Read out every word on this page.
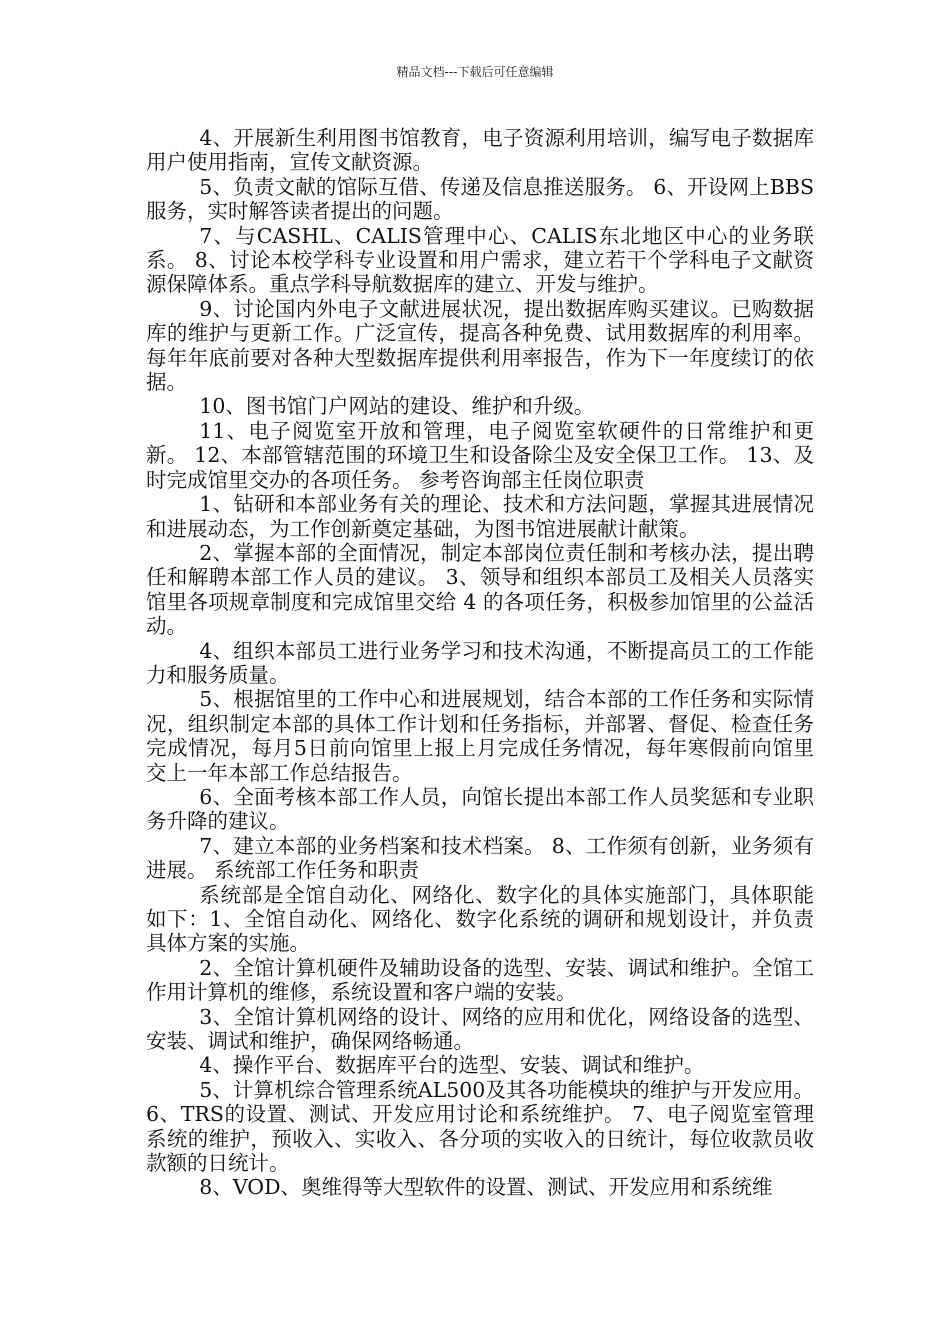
精品文档---下载后可任意编辑

4、开展新生利用图书馆教育，电子资源利用培训，编写电子数据库用户使用指南，宣传文献资源。

5、负责文献的馆际互借、传递及信息推送服务。 6、开设网上BBS服务，实时解答读者提出的问题。

7、与CASHL、CALIS管理中心、CALIS东北地区中心的业务联系。 8、讨论本校学科专业设置和用户需求，建立若干个学科电子文献资源保障体系。重点学科导航数据库的建立、开发与维护。

9、讨论国内外电子文献进展状况，提出数据库购买建议。已购数据库的维护与更新工作。广泛宣传，提高各种免费、试用数据库的利用率。每年年底前要对各种大型数据库提供利用率报告，作为下一年度续订的依据。

10、图书馆门户网站的建设、维护和升级。

11、电子阅览室开放和管理，电子阅览室软硬件的日常维护和更新。 12、本部管辖范围的环境卫生和设备除尘及安全保卫工作。 13、及时完成馆里交办的各项任务。 参考咨询部主任岗位职责

1、钻研和本部业务有关的理论、技术和方法问题，掌握其进展情况和进展动态，为工作创新奠定基础，为图书馆进展献计献策。

2、掌握本部的全面情况，制定本部岗位责任制和考核办法，提出聘任和解聘本部工作人员的建议。 3、领导和组织本部员工及相关人员落实馆里各项规章制度和完成馆里交给 4 的各项任务，积极参加馆里的公益活动。

4、组织本部员工进行业务学习和技术沟通，不断提高员工的工作能力和服务质量。

5、根据馆里的工作中心和进展规划，结合本部的工作任务和实际情况，组织制定本部的具体工作计划和任务指标，并部署、督促、检查任务完成情况，每月5日前向馆里上报上月完成任务情况，每年寒假前向馆里交上一年本部工作总结报告。

6、全面考核本部工作人员，向馆长提出本部工作人员奖惩和专业职务升降的建议。

7、建立本部的业务档案和技术档案。 8、工作须有创新，业务须有进展。 系统部工作任务和职责

系统部是全馆自动化、网络化、数字化的具体实施部门，具体职能如下：1、全馆自动化、网络化、数字化系统的调研和规划设计，并负责具体方案的实施。

2、全馆计算机硬件及辅助设备的选型、安装、调试和维护。全馆工作用计算机的维修，系统设置和客户端的安装。

3、全馆计算机网络的设计、网络的应用和优化，网络设备的选型、安装、调试和维护，确保网络畅通。

4、操作平台、数据库平台的选型、安装、调试和维护。

5、计算机综合管理系统AL500及其各功能模块的维护与开发应用。 6、TRS的设置、测试、开发应用讨论和系统维护。 7、电子阅览室管理系统的维护，预收入、实收入、各分项的实收入的日统计，每位收款员收款额的日统计。

8、VOD、奥维得等大型软件的设置、测试、开发应用和系统维
